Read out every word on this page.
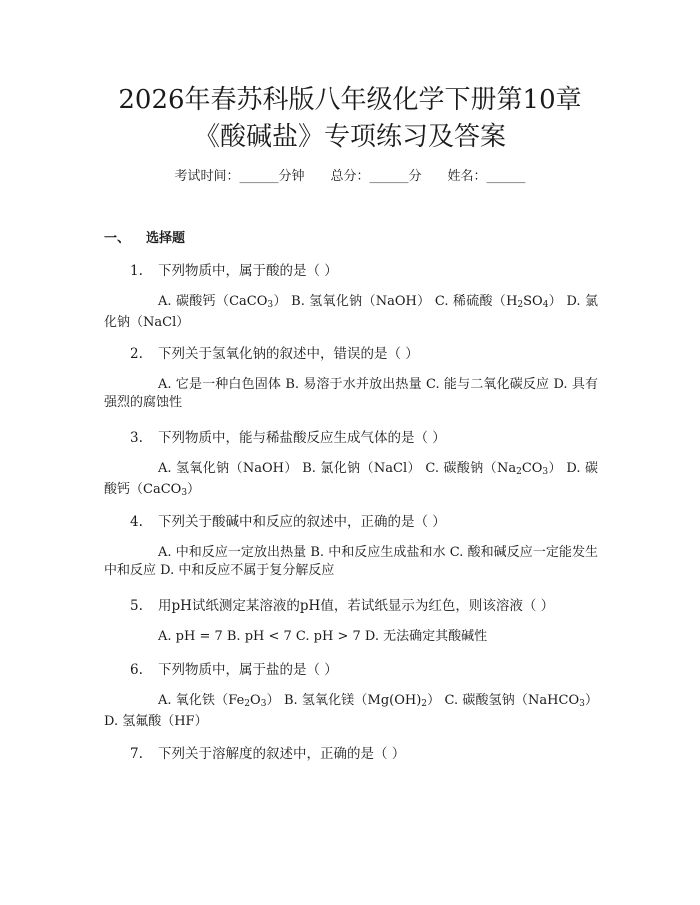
2026年春苏科版八年级化学下册第10章
《酸碱盐》专项练习及答案
考试时间：______分钟 总分：______分 姓名：______
一、 选择题
1. 下列物质中，属于酸的是（ ）
A. 碳酸钙（CaCO$_3$） B. 氢氧化钠（NaOH） C. 稀硫酸$(H_2SO_4)$ D. 氯化钠（NaCl）
2. 下列关于氢氧化钠的叙述中，错误的是（ ）
A. 它是一种白色固体 B. 易溶于水并放出热量 C. 能与二氧化碳反应 D. 具有强烈的腐蚀性
3. 下列物质中，能与稀盐酸反应生成气体的是（ ）
A. 氢氧化钠（NaOH） B. 氯化钠（NaCl） C. 碳酸钠$(Na_2CO_3)$ D. 碳酸钙（CaCO$_3$）
4. 下列关于酸碱中和反应的叙述中，正确的是（ ）
A. 中和反应一定放出热量 B. 中和反应生成盐和水 C. 酸和碱反应一定能发生中和反应 D. 中和反应不属于复分解反应
5. 用pH试纸测定某溶液的pH值，若试纸显示为红色，则该溶液（ ）
A. pH = 7 B. pH < 7 C. pH > 7 D. 无法确定其酸碱性
6. 下列物质中，属于盐的是（ ）
A. 氧化铁$(Fe_2O_3)$ B. 氢氧化镁$(Mg(OH)_2)$ C. 碳酸氢钠（NaHCO$_3$） D. 氢氟酸（HF）
7. 下列关于溶解度的叙述中，正确的是（ ）
